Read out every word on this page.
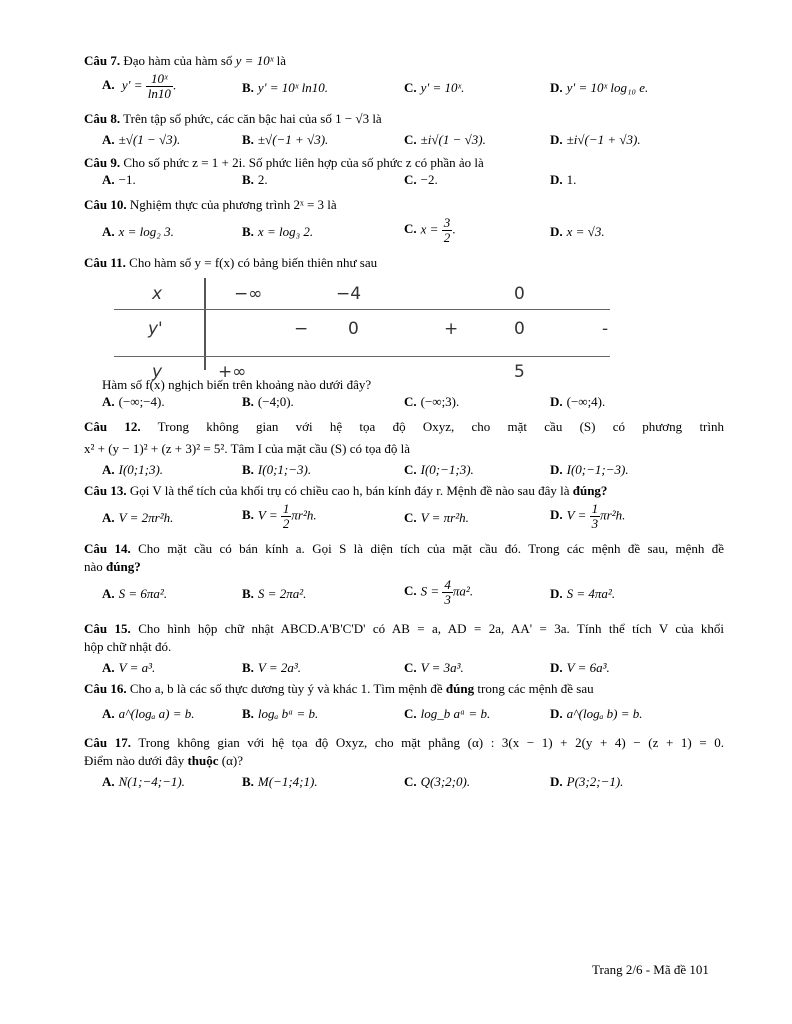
Câu 7. Đạo hàm của hàm số y = 10ˣ là

A. $y' = \frac{\text{10ˣ}}{\ln 10}$ .	B. y' = 10ˣ ln10.	C. y' = 10ˣ.	D. y' = 10ˣ log₁₀ e.

Câu 8. Trên tập số phức, các căn bậc hai của số 1 − √3 là

A. ±√(1 − √3).	B. ±√(−1 + √3).	C. ±i√(1 − √3).	D. ±i√(−1 + √3).

Câu 9. Cho số phức z = 1 + 2i. Số phức liên hợp của số phức z có phần ảo là

A. −1.	B. 2.	C. −2.	D. 1.

Câu 10. Nghiệm thực của phương trình 2ˣ = 3 là

A. x = log₂ 3.	B. x = log₃ 2.	C. $x = \frac{3}{2}$ .	D. x = √3.

Câu 11. Cho hàm số y = f(x) có bảng biến thiên như sau

x	−∞	−4	0
y'	− 0	+	0	-
y	+∞	5

Hàm số f(x) nghịch biến trên khoảng nào dưới đây?

A. (−∞;−4).	B. (−4;0).	C. (−∞;3).	D. (−∞;4).

Câu 12. Trong không gian với hệ tọa độ Oxyz, cho mặt cầu (S) có phương trình

x² + (y − 1)² + (z + 3)² = 5². Tâm I của mặt cầu (S) có tọa độ là

A. I(0;1;3).	B. I(0;1;−3).	C. I(0;−1;3).	D. I(0;−1;−3).

Câu 13. Gọi V là thể tích của khối trụ có chiều cao h, bán kính đáy r. Mệnh đề nào sau đây là đúng?

A. V = 2πr²h.	B. $V = \frac{1}{2} \pi r^2h$.	C. V = πr²h.	D. $V = \frac{1}{3} \pi r^2h$.

Câu 14. Cho mặt cầu có bán kính a. Gọi S là diện tích của mặt cầu đó. Trong các mệnh đề sau, mệnh đề

nào đúng?

A. S = 6πa².	B. S = 2πa².	C. $S = \frac{4}{3} \pi a^2$.	D. S = 4πa².

Câu 15. Cho hình hộp chữ nhật ABCD.A'B'C'D' có AB = a, AD = 2a, AA' = 3a. Tính thể tích V của khối

hộp chữ nhật đó.

A. V = a³.	B. V = 2a³.	C. V = 3a³.	D. V = 6a³.

Câu 16. Cho a, b là các số thực dương tùy ý và khác 1. Tìm mệnh đề đúng trong các mệnh đề sau

A. a^(logₐ a) = b.	B. logₐ bᵃ = b.	C. log_b aᵃ = b.	D. a^(logₐ b) = b.

Câu 17. Trong không gian với hệ tọa độ Oxyz, cho mặt phẳng (α) : 3(x − 1) + 2(y + 4) − (z + 1) = 0.

Điểm nào dưới đây thuộc (α)?

A. N(1;−4;−1).	B. M(−1;4;1).	C. Q(3;2;0).	D. P(3;2;−1).
Trang 2/6 - Mã đề 101
